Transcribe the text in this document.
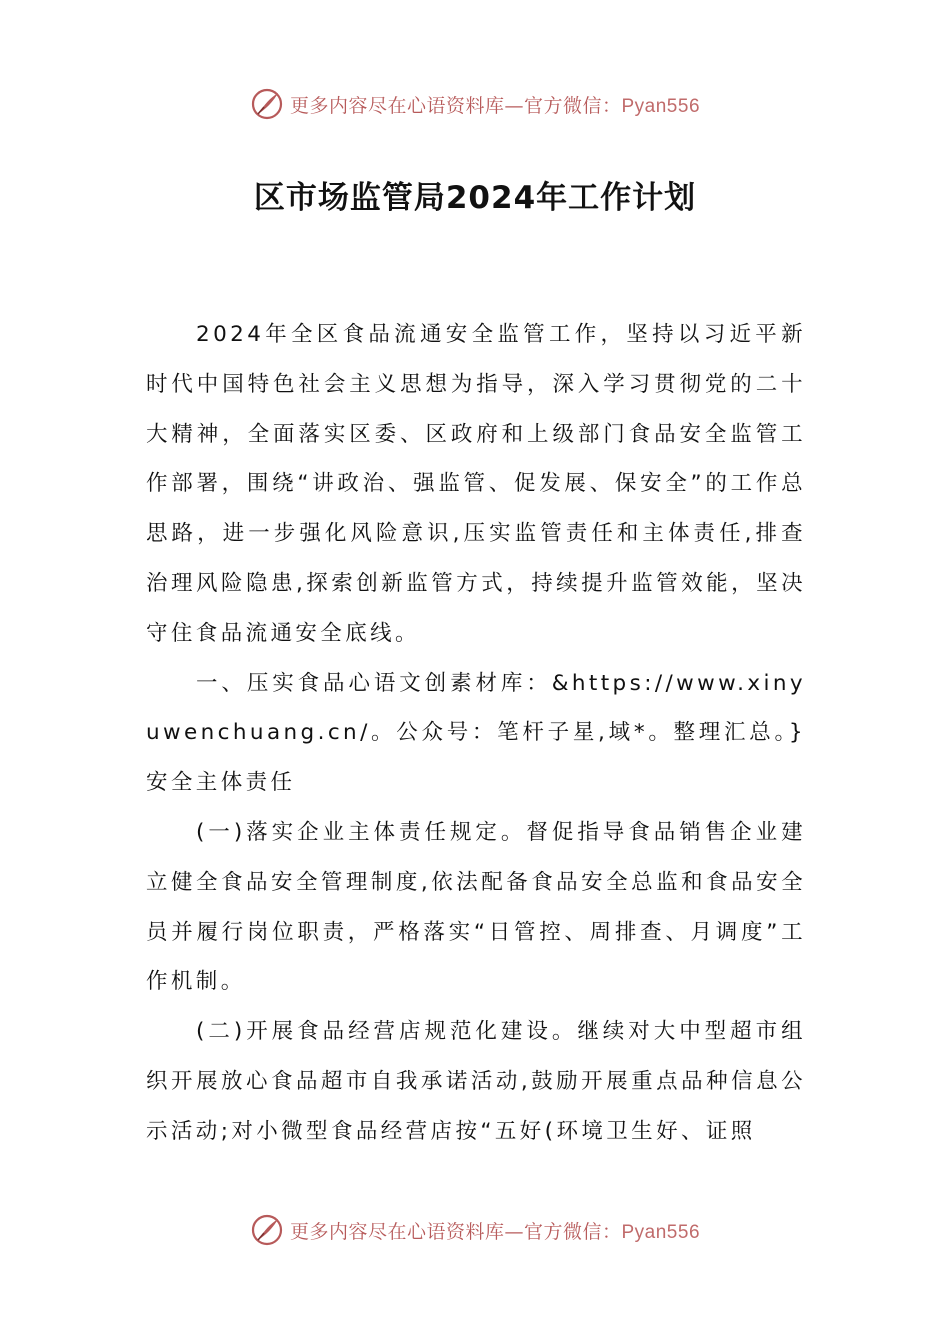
更多内容尽在心语资料库—官方微信：Pyan556
区市场监管局2024年工作计划

2024年全区食品流通安全监管工作，坚持以习近平新时代中国特色社会主义思想为指导，深入学习贯彻党的二十大精神，全面落实区委、区政府和上级部门食品安全监管工作部署，围绕“讲政治、强监管、促发展、保安全”的工作总思路，进一步强化风险意识,压实监管责任和主体责任,排查治理风险隐患,探索创新监管方式，持续提升监管效能，坚决守住食品流通安全底线。

一、压实食品心语文创素材库：&https://www.xinyuwenchuang.cn/。公众号：笔杆子星,域*。整理汇总。}安全主体责任

(一)落实企业主体责任规定。督促指导食品销售企业建立健全食品安全管理制度,依法配备食品安全总监和食品安全员并履行岗位职责，严格落实“日管控、周排查、月调度”工作机制。

(二)开展食品经营店规范化建设。继续对大中型超市组织开展放心食品超市自我承诺活动,鼓励开展重点品种信息公示活动;对小微型食品经营店按“五好(环境卫生好、证照

更多内容尽在心语资料库—官方微信：Pyan556
